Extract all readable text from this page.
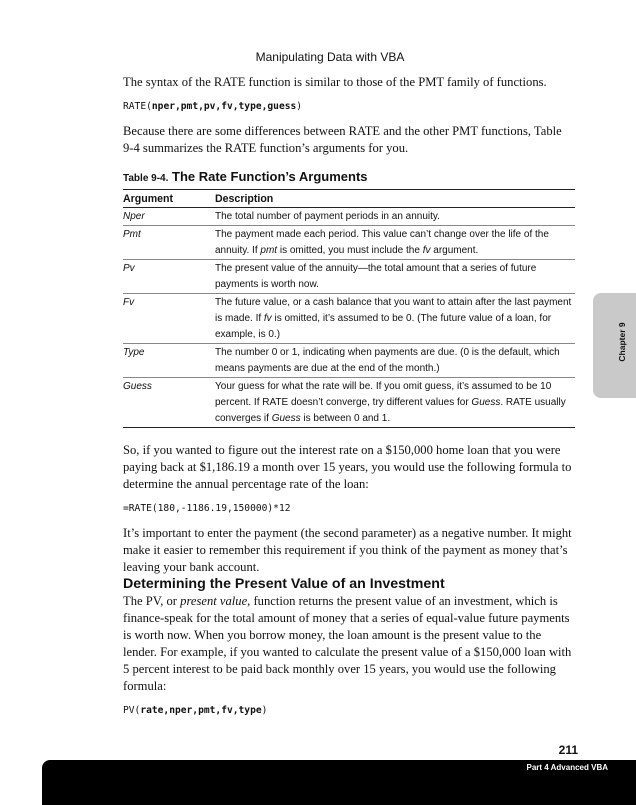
Manipulating Data with VBA

The syntax of the RATE function is similar to those of the PMT family of functions.

RATE(nper,pmt,pv,fv,type,guess)

Because there are some differences between RATE and the other PMT functions, Table 9-4 summarizes the RATE function’s arguments for you.

Table 9-4. The Rate Function’s Arguments
Argument	Description
Nper	The total number of payment periods in an annuity.
Pmt	The payment made each period. This value can’t change over the life of the annuity. If pmt is omitted, you must include the fv argument.
Pv	The present value of the annuity—the total amount that a series of future payments is worth now.
Fv	The future value, or a cash balance that you want to attain after the last payment is made. If fv is omitted, it’s assumed to be 0. (The future value of a loan, for example, is 0.)
Type	The number 0 or 1, indicating when payments are due. (0 is the default, which means payments are due at the end of the month.)
Guess	Your guess for what the rate will be. If you omit guess, it’s assumed to be 10 percent. If RATE doesn’t converge, try different values for Guess. RATE usually converges if Guess is between 0 and 1.

So, if you wanted to figure out the interest rate on a $150,000 home loan that you were paying back at $1,186.19 a month over 15 years, you would use the following formula to determine the annual percentage rate of the loan:

=RATE(180,-1186.19,150000)*12

It’s important to enter the payment (the second parameter) as a negative number. It might make it easier to remember this requirement if you think of the payment as money that’s leaving your bank account.

Determining the Present Value of an Investment

The PV, or present value, function returns the present value of an investment, which is finance-speak for the total amount of money that a series of equal-value future payments is worth now. When you borrow money, the loan amount is the present value to the lender. For example, if you wanted to calculate the present value of a $150,000 loan with 5 percent interest to be paid back monthly over 15 years, you would use the following formula:

PV(rate,nper,pmt,fv,type)
211
Part 4 Advanced VBA
Chapter 9
